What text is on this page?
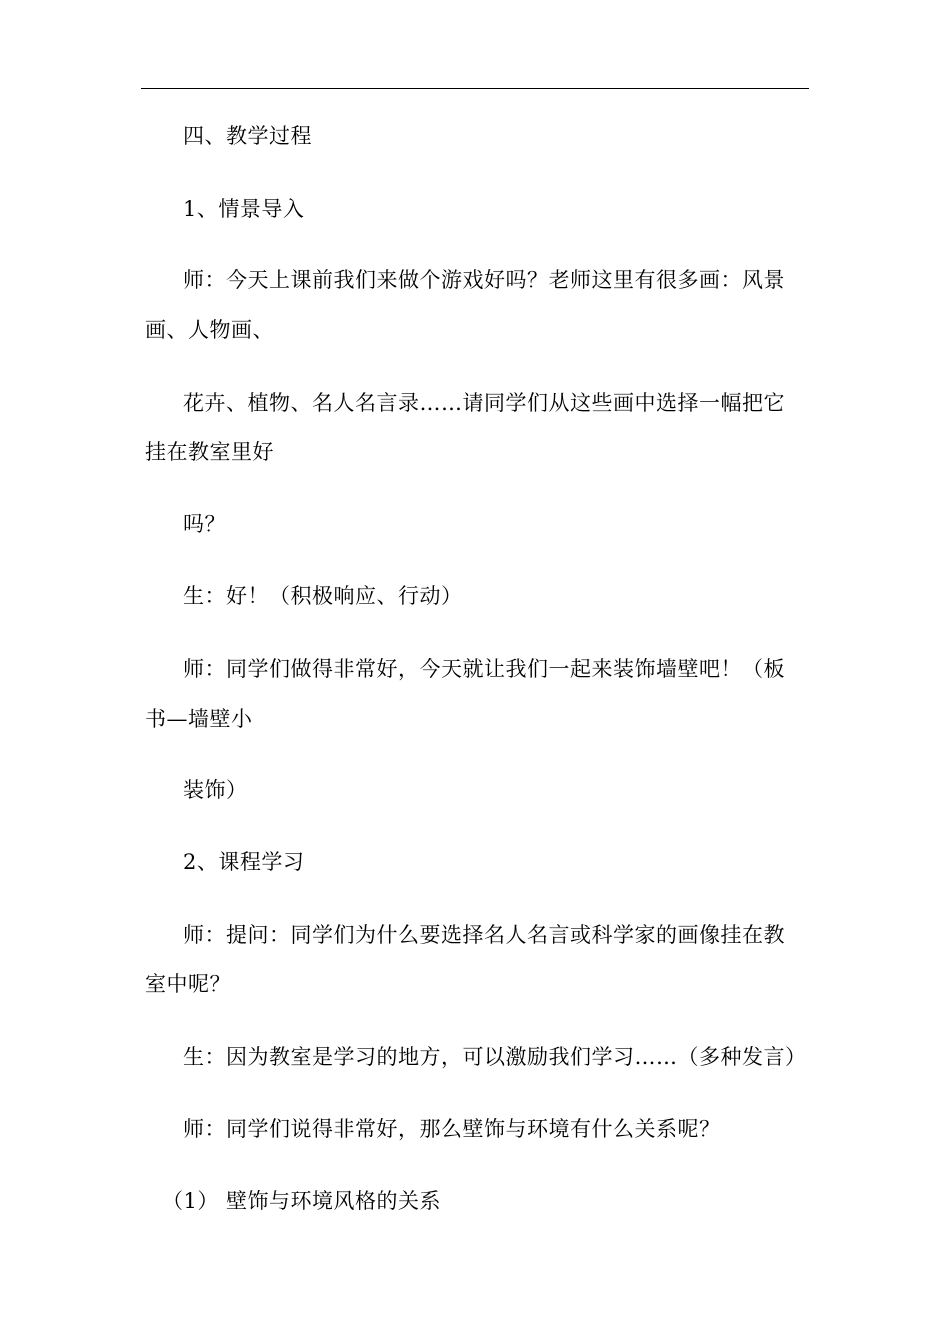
四、教学过程
1、情景导入
师：今天上课前我们来做个游戏好吗？老师这里有很多画：风景
画、人物画、
花卉、植物、名人名言录……请同学们从这些画中选择一幅把它
挂在教室里好
吗？
生：好！（积极响应、行动）
师：同学们做得非常好，今天就让我们一起来装饰墙壁吧！（板
书—墙壁小
装饰）
2、课程学习
师：提问：同学们为什么要选择名人名言或科学家的画像挂在教
室中呢？
生：因为教室是学习的地方，可以激励我们学习……（多种发言）
师：同学们说得非常好，那么壁饰与环境有什么关系呢？
（1） 壁饰与环境风格的关系
